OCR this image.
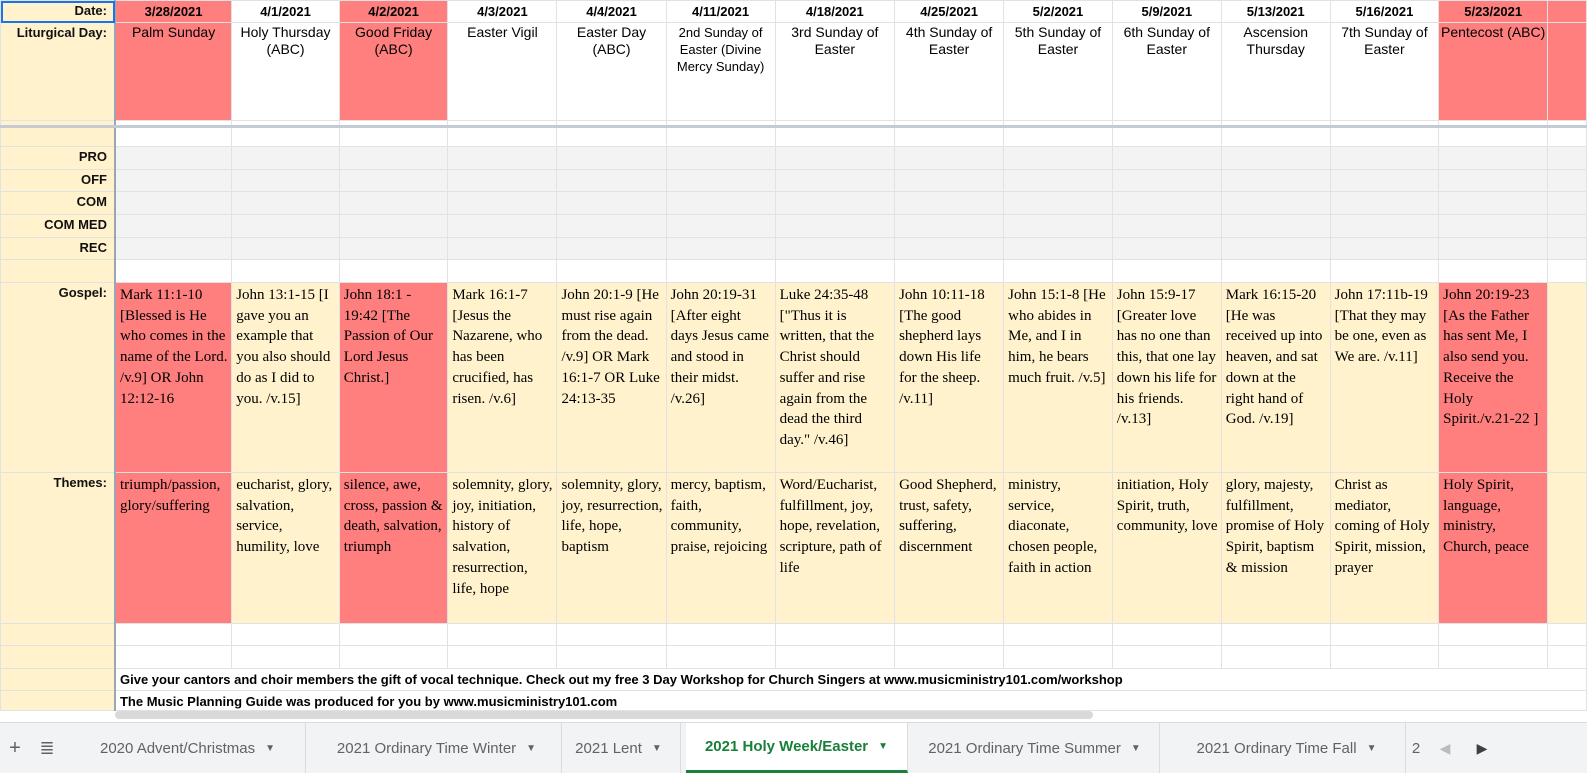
Date:	3/28/2021	4/1/2021	4/2/2021	4/3/2021	4/4/2021	4/11/2021	4/18/2021	4/25/2021	5/2/2021	5/9/2021	5/13/2021	5/16/2021	5/23/2021	
Liturgical Day:	Palm Sunday	Holy Thursday (ABC)	Good Friday (ABC)	Easter Vigil	Easter Day (ABC)	2nd Sunday of Easter (Divine Mercy Sunday)	3rd Sunday of Easter	4th Sunday of Easter	5th Sunday of Easter	6th Sunday of Easter	Ascension Thursday	7th Sunday of Easter	Pentecost (ABC)	

PRO														
OFF														
COM														
COM MED														
REC														

Gospel:	Mark 11:1-10 [Blessed is He who comes in the name of the Lord. /v.9] OR John 12:12-16	John 13:1-15 [I gave you an example that you also should do as I did to you. /v.15]	John 18:1 - 19:42 [The Passion of Our Lord Jesus Christ.]	Mark 16:1-7 [Jesus the Nazarene, who has been crucified, has risen. /v.6]	John 20:1-9 [He must rise again from the dead. /v.9] OR Mark 16:1-7 OR Luke 24:13-35	John 20:19-31 [After eight days Jesus came and stood in their midst. /v.26]	Luke 24:35-48 ["Thus it is written, that the Christ should suffer and rise again from the dead the third day." /v.46]	John 10:11-18 [The good shepherd lays down His life for the sheep. /v.11]	John 15:1-8 [He who abides in Me, and I in him, he bears much fruit. /v.5]	John 15:9-17 [Greater love has no one than this, that one lay down his life for his friends. /v.13]	Mark 16:15-20 [He was received up into heaven, and sat down at the right hand of God. /v.19]	John 17:11b-19 [That they may be one, even as We are. /v.11]	John 20:19-23 [As the Father has sent Me, I also send you. Receive the Holy Spirit./v.21-22 ]	
Themes:	triumph/passion, glory/suffering	eucharist, glory, salvation, service, humility, love	silence, awe, cross, passion & death, salvation, triumph	solemnity, glory, joy, initiation, history of salvation, resurrection, life, hope	solemnity, glory, joy, resurrection, life, hope, baptism	mercy, baptism, faith, community, praise, rejoicing	Word/Eucharist, fulfillment, joy, hope, revelation, scripture, path of life	Good Shepherd, trust, safety, suffering, discernment	ministry, service, diaconate, chosen people, faith in action	initiation, Holy Spirit, truth, community, love	glory, majesty, fulfillment, promise of Holy Spirit, baptism & mission	Christ as mediator, coming of Holy Spirit, mission, prayer	Holy Spirit, language, ministry, Church, peace	

	Give your cantors and choir members the gift of vocal technique. Check out my free 3 Day Workshop for Church Singers at www.musicministry101.com/workshop													
	The Music Planning Guide was produced for you by www.musicministry101.com													
+	≣	2020 Advent/Christmas ▼	2021 Ordinary Time Winter ▼	2021 Lent ▼	2021 Holy Week/Easter ▼	2021 Ordinary Time Summer ▼	2021 Ordinary Time Fall ▼ 2	◀	▶
